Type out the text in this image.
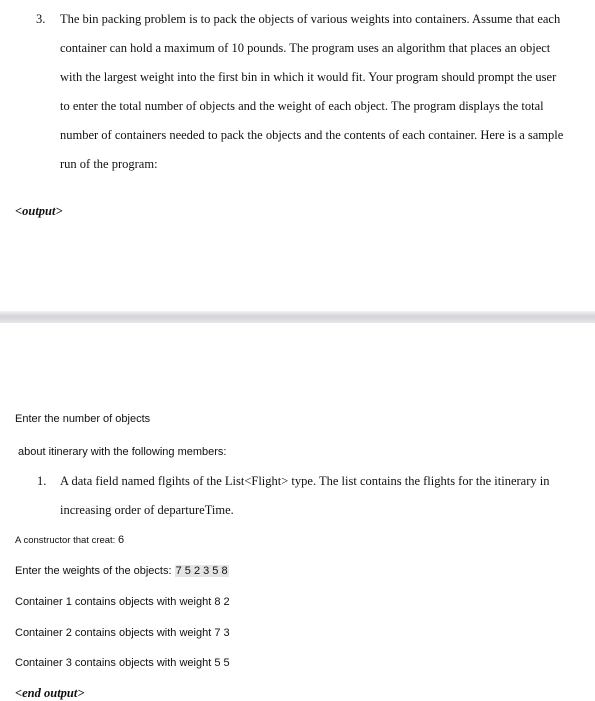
3. The bin packing problem is to pack the objects of various weights into containers. Assume that each
container can hold a maximum of 10 pounds. The program uses an algorithm that places an object
with the largest weight into the first bin in which it would fit. Your program should prompt the user
to enter the total number of objects and the weight of each object. The program displays the total
number of containers needed to pack the objects and the contents of each container. Here is a sample
run of the program:
<output>
Enter the number of objects
about itinerary with the following members:
1. A data field named flgihts of the List<Flight> type. The list contains the flights for the itinerary in
increasing order of departureTime.
A constructor that creat: 6
Enter the weights of the objects: 7 5 2 3 5 8
Container 1 contains objects with weight 8 2
Container 2 contains objects with weight 7 3
Container 3 contains objects with weight 5 5
<end output>
